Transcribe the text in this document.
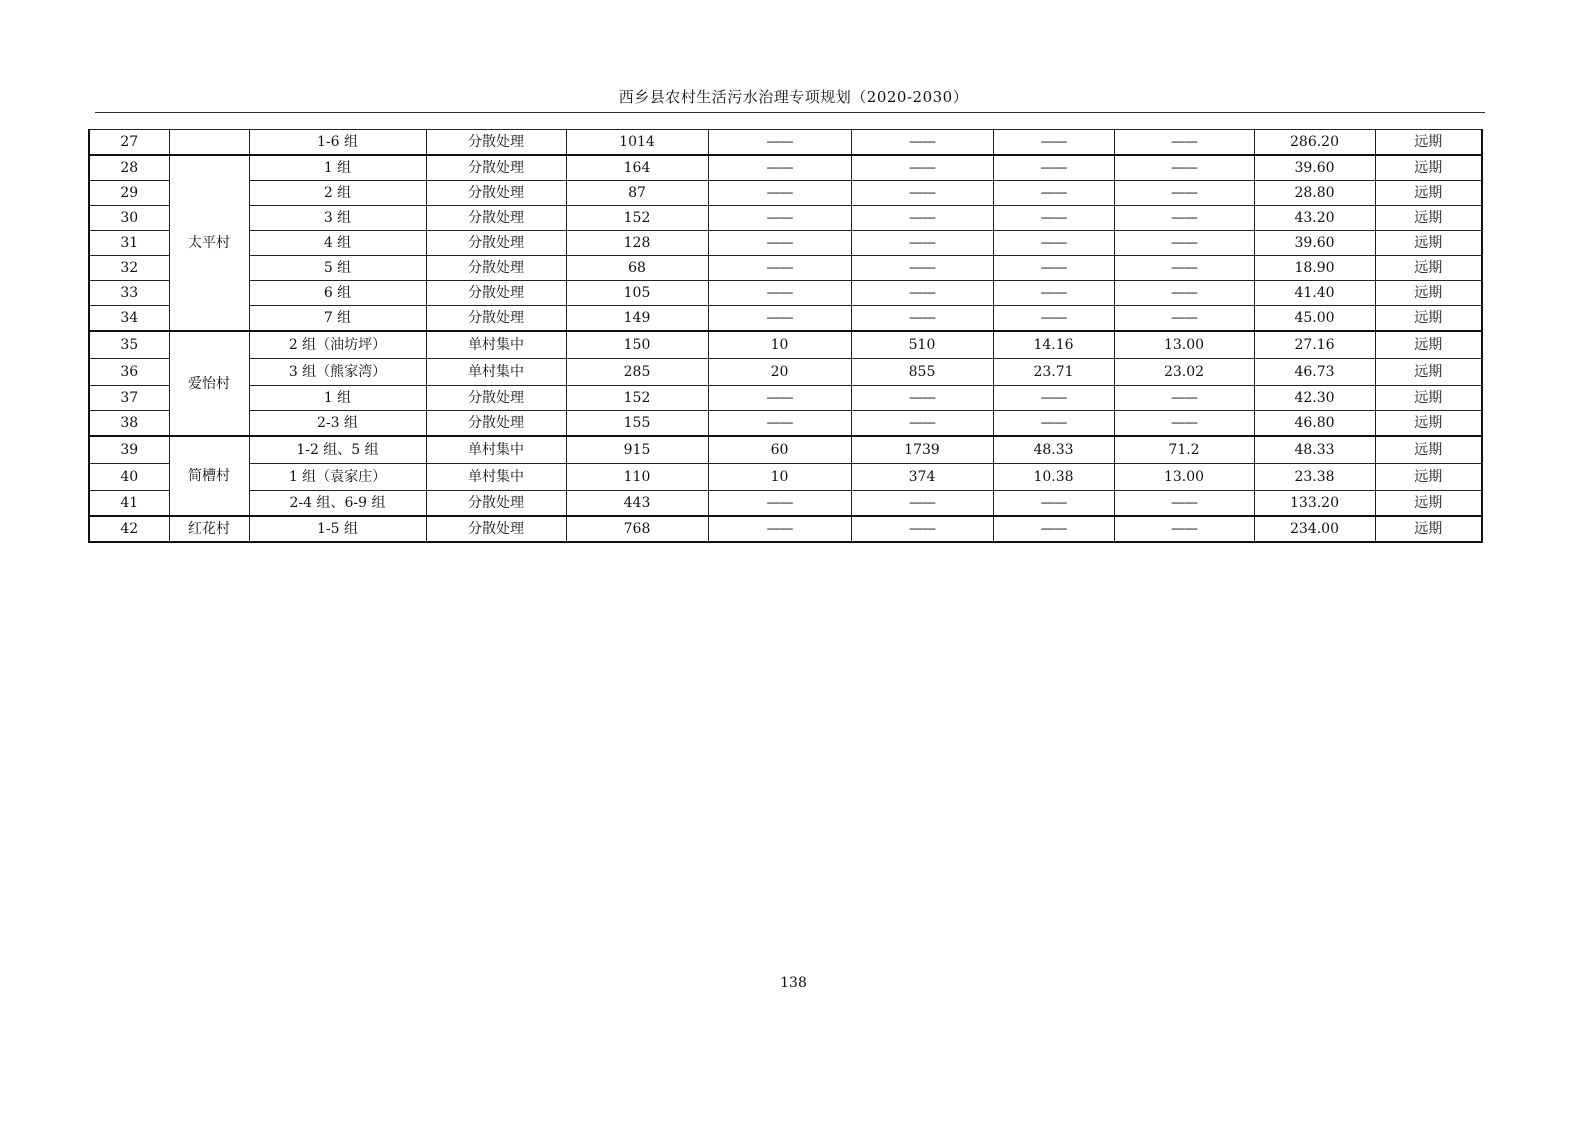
西乡县农村生活污水治理专项规划（2020-2030）
27		1-6 组	分散处理	1014	——	——	——	——	286.20	远期
28	太平村	1 组	分散处理	164	——	——	——	——	39.60	远期
29		2 组	分散处理	87	——	——	——	——	28.80	远期
30		3 组	分散处理	152	——	——	——	——	43.20	远期
31		4 组	分散处理	128	——	——	——	——	39.60	远期
32		5 组	分散处理	68	——	——	——	——	18.90	远期
33		6 组	分散处理	105	——	——	——	——	41.40	远期
34		7 组	分散处理	149	——	——	——	——	45.00	远期
35	爱怡村	2 组（油坊坪）	单村集中	150	10	510	14.16	13.00	27.16	远期
36		3 组（熊家湾）	单村集中	285	20	855	23.71	23.02	46.73	远期
37		1 组	分散处理	152	——	——	——	——	42.30	远期
38		2-3 组	分散处理	155	——	——	——	——	46.80	远期
39	简槽村	1-2 组、5 组	单村集中	915	60	1739	48.33	71.2	48.33	远期
40		1 组（袁家庄）	单村集中	110	10	374	10.38	13.00	23.38	远期
41		2-4 组、6-9 组	分散处理	443	——	——	——	——	133.20	远期
42	红花村	1-5 组	分散处理	768	——	——	——	——	234.00	远期
138
